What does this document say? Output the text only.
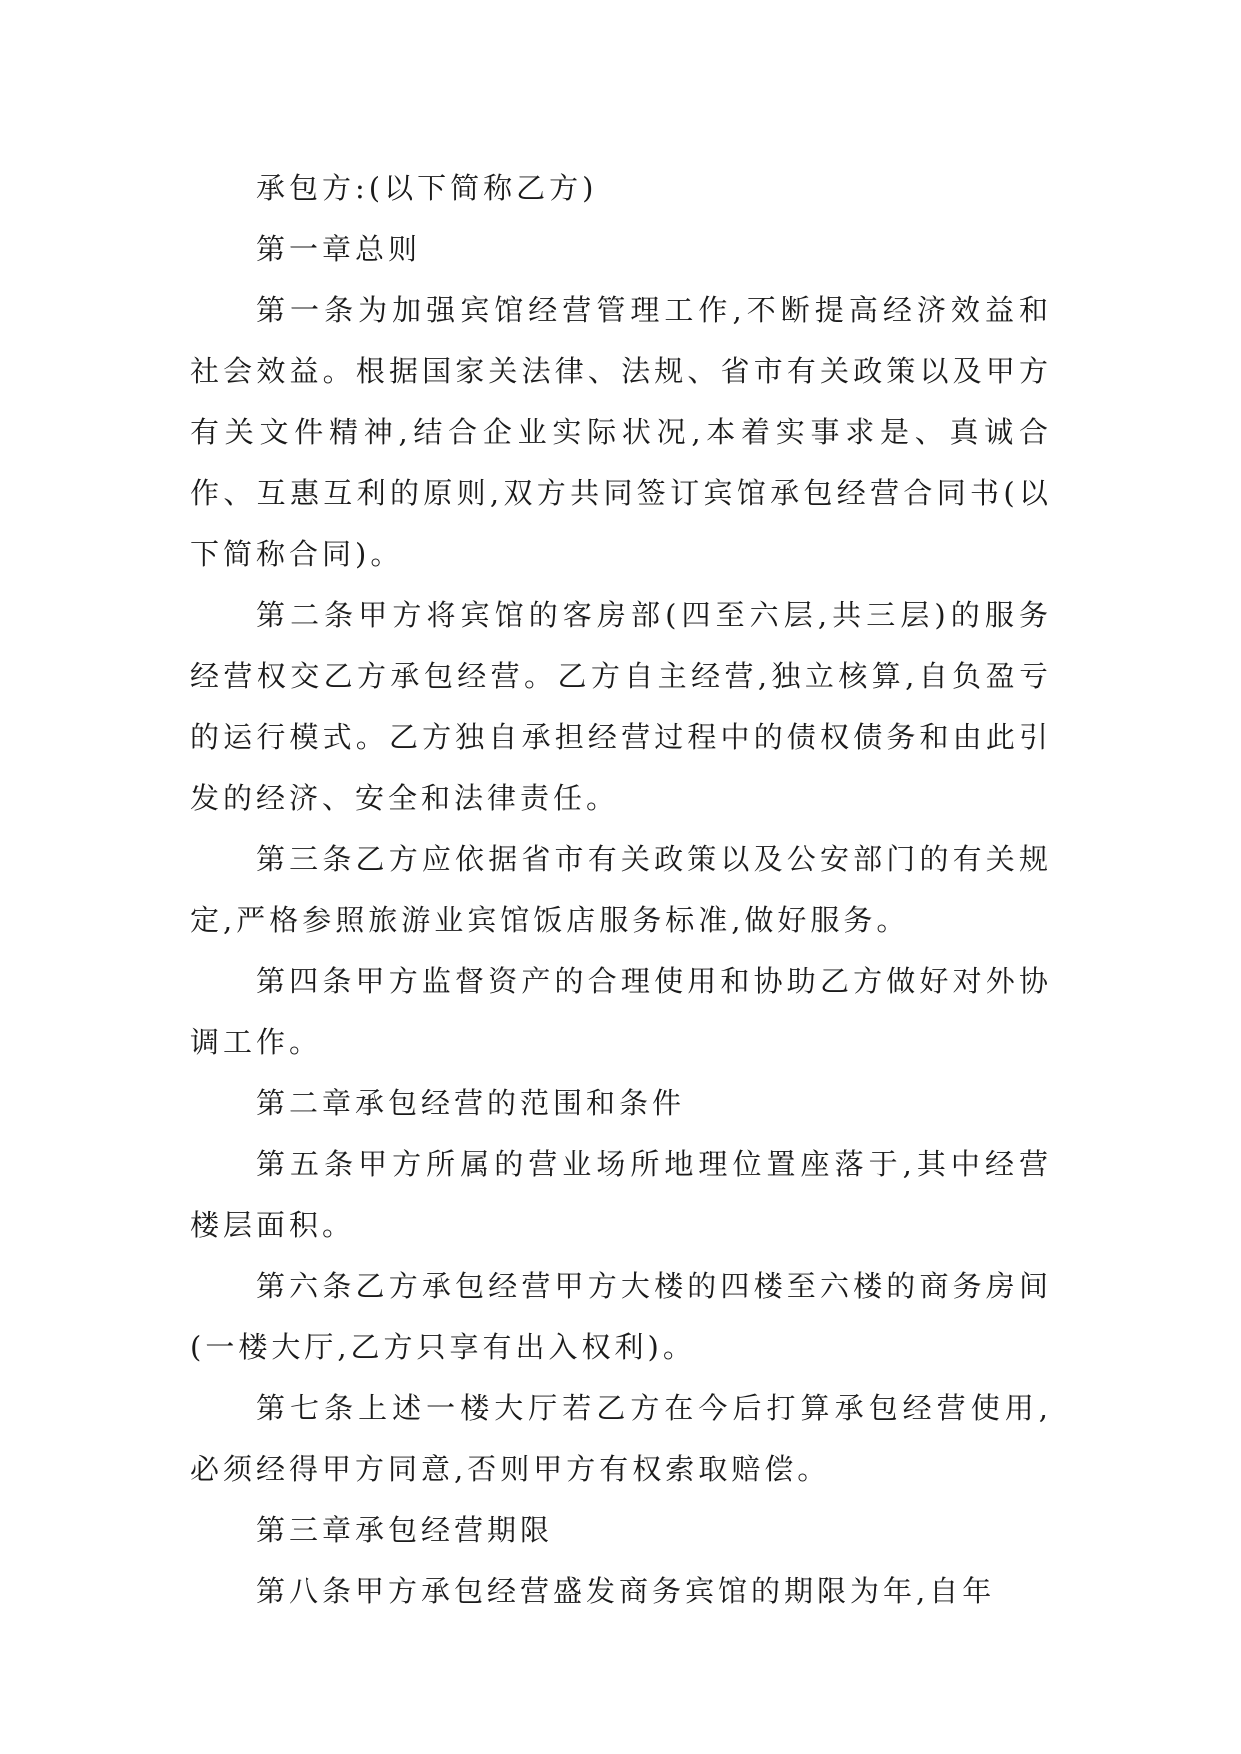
承包方:(以下简称乙方)

第一章总则

第一条为加强宾馆经营管理工作,不断提高经济效益和社会效益。根据国家关法律、法规、省市有关政策以及甲方有关文件精神,结合企业实际状况,本着实事求是、真诚合作、互惠互利的原则,双方共同签订宾馆承包经营合同书(以下简称合同)。

第二条甲方将宾馆的客房部(四至六层,共三层)的服务经营权交乙方承包经营。乙方自主经营,独立核算,自负盈亏的运行模式。乙方独自承担经营过程中的债权债务和由此引发的经济、安全和法律责任。

第三条乙方应依据省市有关政策以及公安部门的有关规定,严格参照旅游业宾馆饭店服务标准,做好服务。

第四条甲方监督资产的合理使用和协助乙方做好对外协调工作。

第二章承包经营的范围和条件

第五条甲方所属的营业场所地理位置座落于,其中经营楼层面积。

第六条乙方承包经营甲方大楼的四楼至六楼的商务房间(一楼大厅,乙方只享有出入权利)。

第七条上述一楼大厅若乙方在今后打算承包经营使用,必须经得甲方同意,否则甲方有权索取赔偿。

第三章承包经营期限

第八条甲方承包经营盛发商务宾馆的期限为年,自年
